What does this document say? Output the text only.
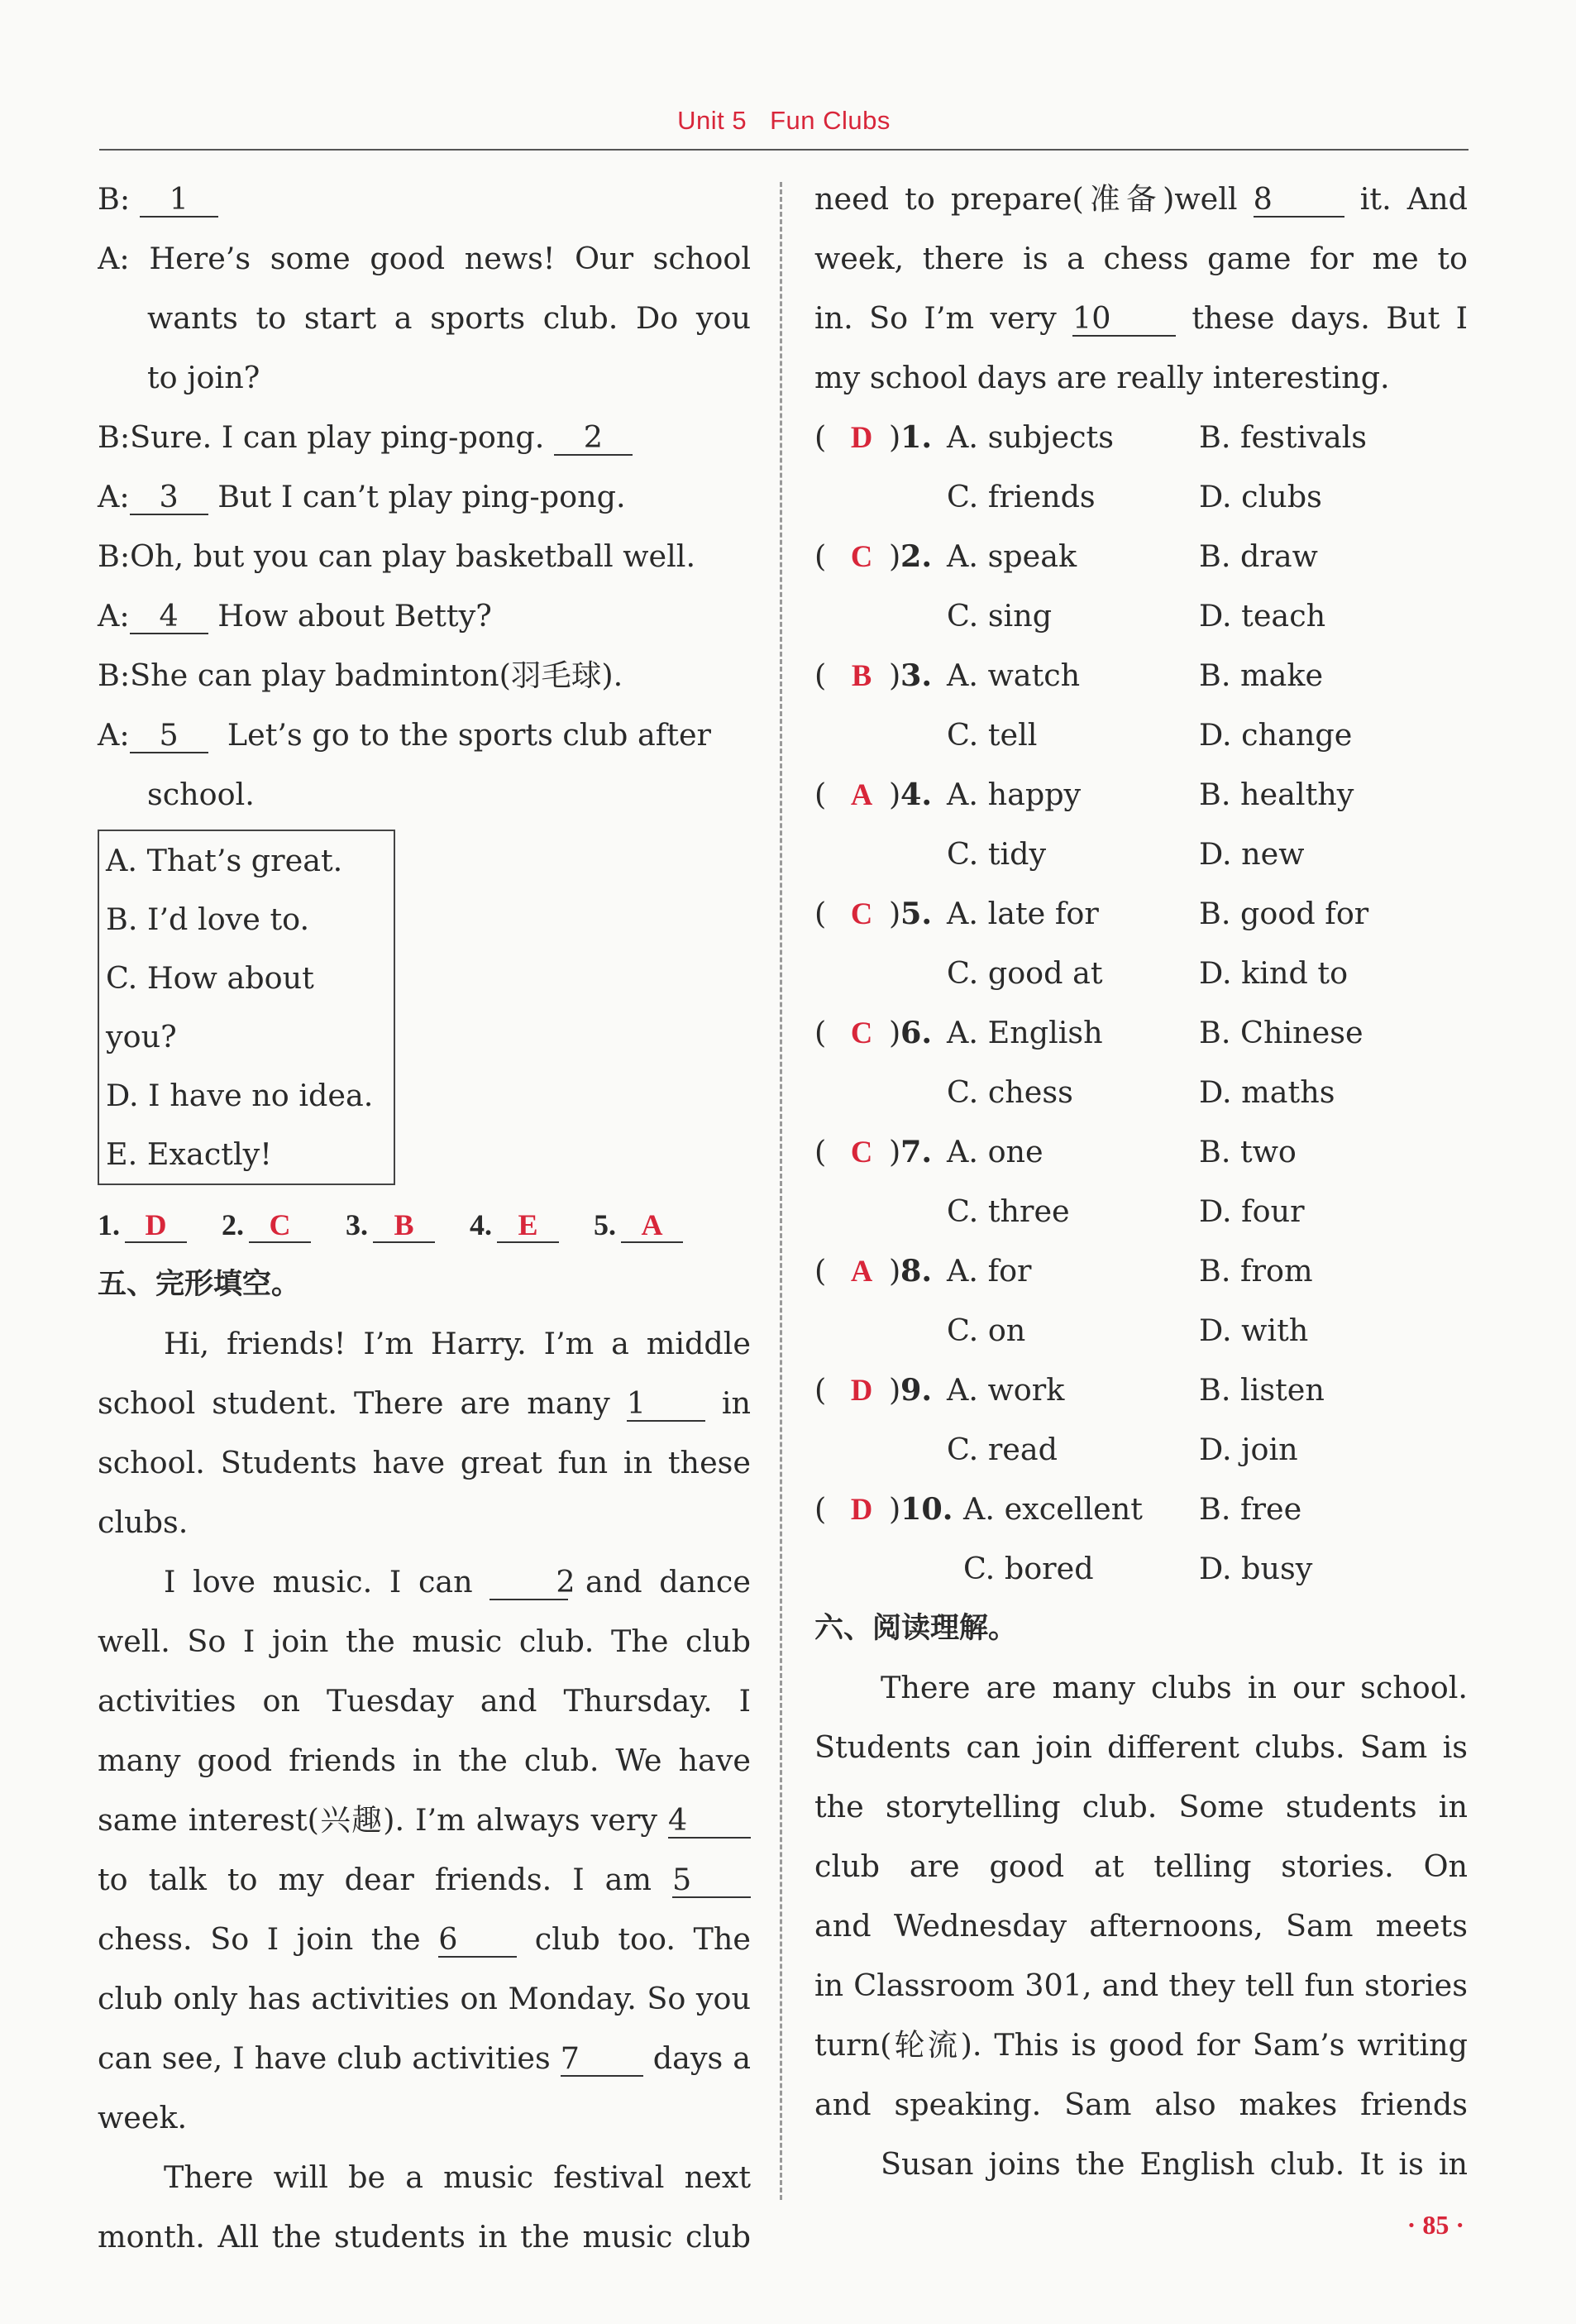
Unit 5 Fun Clubs
B: 1
A: Here’s some good news! Our school
wants to start a sports club. Do you
to join?
B:Sure. I can play ping-pong. 2
A: 3 But I can’t play ping-pong.
B:Oh, but you can play basketball well.
A: 4 How about Betty?
B:She can play badminton(羽毛球).
A: 5 Let’s go to the sports club after
school.
A. That’s great.
B. I’d love to.
C. How about you?
D. I have no idea.
E. Exactly!
1. D 2. C 3. B 4. E 5. A
五、完形填空。
Hi, friends! I’m Harry. I’m a middle
school student. There are many 1	in
school. Students have great fun in these
clubs.
I love music. I can	2 and dance
well. So I join the music club. The club
activities on Tuesday and Thursday. I
many good friends in the club. We have
same interest(兴趣). I’m always very 4
to talk to my dear friends. I am 5
chess. So I join the 6	club too. The
club only has activities on Monday. So you
can see, I have club activities 7 days a
week.
There will be a music festival next
month. All the students in the music club
need to prepare(准备)well 8	it. And
week, there is a chess game for me to
in. So I’m very 10	these days. But I
my school days are really interesting.
( D ) 1. A. subjects	B. festivals
C. friends	D. clubs
( C ) 2. A. speak	B. draw
C. sing	D. teach
( B ) 3. A. watch	B. make
C. tell	D. change
( A ) 4. A. happy	B. healthy
C. tidy	D. new
( C ) 5. A. late for	B. good for
C. good at	D. kind to
( C ) 6. A. English	B. Chinese
C. chess	D. maths
( C ) 7. A. one	B. two
C. three	D. four
( A ) 8. A. for	B. from
C. on	D. with
( D ) 9. A. work	B. listen
C. read	D. join
( D ) 10. A. excellent B. free
C. bored	D. busy
六、阅读理解。
There are many clubs in our school.
Students can join different clubs. Sam is
the storytelling club. Some students in
club are good at telling stories. On
and Wednesday afternoons, Sam meets
in Classroom 301, and they tell fun stories
turn(轮流). This is good for Sam’s writing
and speaking. Sam also makes friends
Susan joins the English club. It is in
· 85 ·
